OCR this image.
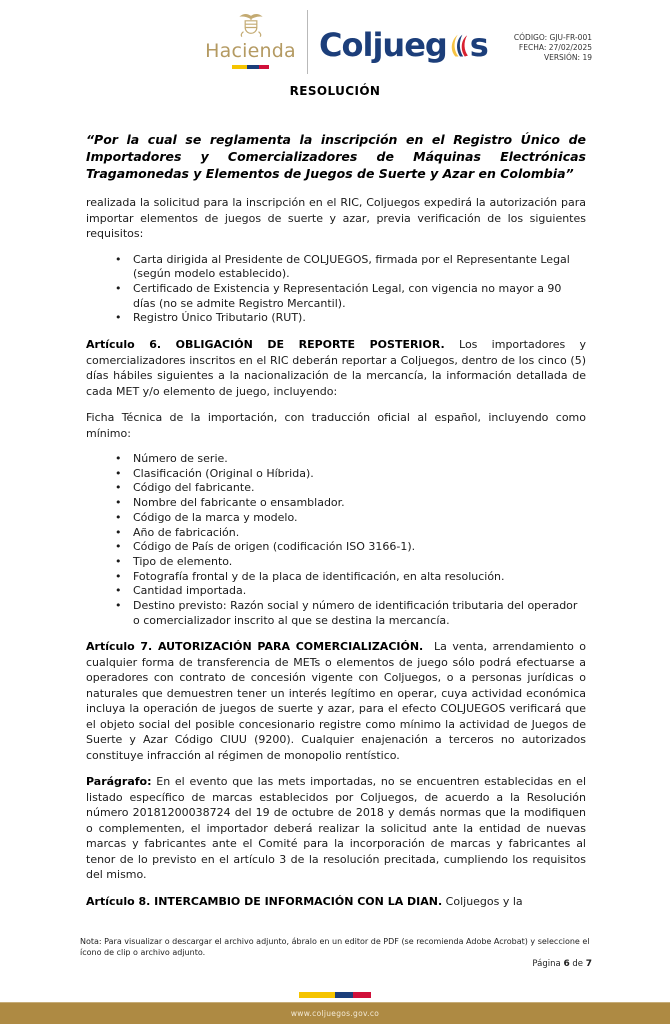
Hacienda Coljueg s	CÓDIGO: GJU-FR-001
FECHA: 27/02/2025
VERSIÓN: 19
RESOLUCIÓN

“Por la cual se reglamenta la inscripción en el Registro Único de Importadores y Comercializadores de Máquinas Electrónicas Tragamonedas y Elementos de Juegos de Suerte y Azar en Colombia”

realizada la solicitud para la inscripción en el RIC, Coljuegos expedirá la autorización para importar elementos de juegos de suerte y azar, previa verificación de los siguientes requisitos:

• Carta dirigida al Presidente de COLJUEGOS, firmada por el Representante Legal (según modelo establecido).
• Certificado de Existencia y Representación Legal, con vigencia no mayor a 90 días (no se admite Registro Mercantil).
• Registro Único Tributario (RUT).

Artículo 6. OBLIGACIÓN DE REPORTE POSTERIOR. Los importadores y comercializadores inscritos en el RIC deberán reportar a Coljuegos, dentro de los cinco (5) días hábiles siguientes a la nacionalización de la mercancía, la información detallada de cada MET y/o elemento de juego, incluyendo:

Ficha Técnica de la importación, con traducción oficial al español, incluyendo como mínimo:

• Número de serie.
• Clasificación (Original o Híbrida).
• Código del fabricante.
• Nombre del fabricante o ensamblador.
• Código de la marca y modelo.
• Año de fabricación.
• Código de País de origen (codificación ISO 3166-1).
• Tipo de elemento.
• Fotografía frontal y de la placa de identificación, en alta resolución.
• Cantidad importada.
• Destino previsto: Razón social y número de identificación tributaria del operador o comercializador inscrito al que se destina la mercancía.

Artículo 7. AUTORIZACIÓN PARA COMERCIALIZACIÓN. La venta, arrendamiento o cualquier forma de transferencia de METs o elementos de juego sólo podrá efectuarse a operadores con contrato de concesión vigente con Coljuegos, o a personas jurídicas o naturales que demuestren tener un interés legítimo en operar, cuya actividad económica incluya la operación de juegos de suerte y azar, para el efecto COLJUEGOS verificará que el objeto social del posible concesionario registre como mínimo la actividad de Juegos de Suerte y Azar Código CIUU (9200). Cualquier enajenación a terceros no autorizados constituye infracción al régimen de monopolio rentístico.

Parágrafo: En el evento que las mets importadas, no se encuentren establecidas en el listado específico de marcas establecidos por Coljuegos, de acuerdo a la Resolución número 20181200038724 del 19 de octubre de 2018 y demás normas que la modifiquen o complementen, el importador deberá realizar la solicitud ante la entidad de nuevas marcas y fabricantes ante el Comité para la incorporación de marcas y fabricantes al tenor de lo previsto en el artículo 3 de la resolución precitada, cumpliendo los requisitos del mismo.

Artículo 8. INTERCAMBIO DE INFORMACIÓN CON LA DIAN. Coljuegos y la

Nota: Para visualizar o descargar el archivo adjunto, ábralo en un editor de PDF (se recomienda Adobe Acrobat) y seleccione el ícono de clip o archivo adjunto.

Página 6 de 7

www.coljuegos.gov.co
